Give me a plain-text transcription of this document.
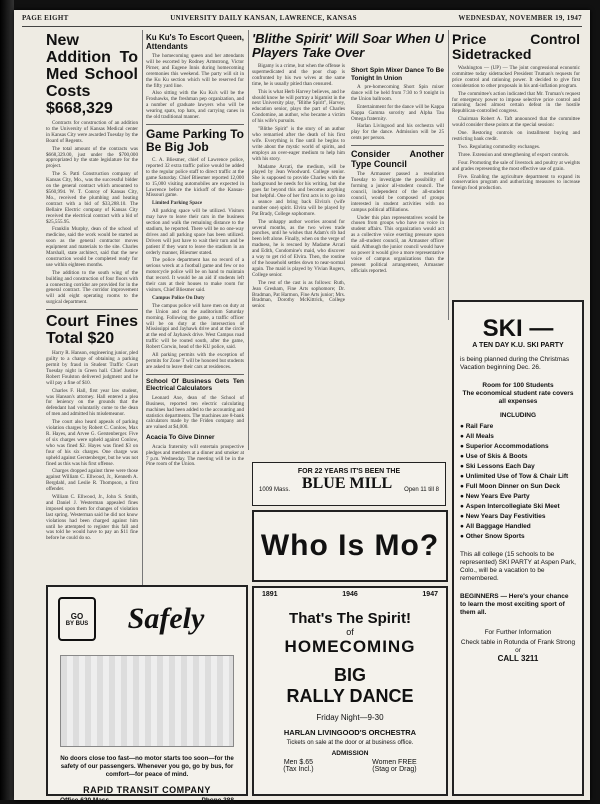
PAGE EIGHT	UNIVERSITY DAILY KANSAN, LAWRENCE, KANSAS	WEDNESDAY, NOVEMBER 19, 1947
New Addition To Med School Costs $668,329

Contracts for construction of an addition to the University of Kansas Medical center in Kansas City were awarded Tuesday by the Board of Regents.

The total amount of the contracts was $668,329.00, just under the $700,000 appropriated by the state legislature for the project.

The S. Patti Construction company of Kansas City, Mo., was the successful bidder on the general contract which amounted to $560,994. W. T. Conroy of Kansas City, Mo., received the plumbing and heating contract with a bid of $33,288.10. The Bellaire Electric company of Kansas City received the electrical contract with a bid of $25,555.95.

Franklin Murphy, dean of the school of medicine, said the work would be started as soon as the general contractor moves equipment and materials to the site. Charles Marshall, state architect, said that the new construction would be completed ready for use within eighteen months.

The addition to the south wing of the building and construction of four floors with a connecting corridor are provided for in the general contract. The corridor improvement will add eight operating rooms to the surgical department.

Court Fines Total $20

Harry R. Hanson, engineering junior, pled guilty to a charge of obtaining a parking permit by fraud in Student Traffic Court Tuesday night in Green hall. Chief Justice Robert Foulston delivered judgment and he will pay a fine of $10.

Charles F. Hall, first year law student, was Hanson's attorney. Hall entered a plea for leniency on the grounds that the defendant had voluntarily come to the dean of men and admitted his misdemeanor.

The court also heard appeals of parking violation charges by Robert C. Conlow, Max R. Hayes, and Arvee G. Gerstenberger. Five of six charges were upheld against Conlow, who was fined $2. Hayes was fined $3 on four of his six charges. One charge was upheld against Gerstenberger, but he was not fined as this was his first offense.

Charges dropped against three were those against William C. Ellwood, Jr., Kenneth A. Bergdahl, and Leslie R. Thompson, a first offender.

William C. Ellwood, Jr., John S. Smith, and Daniel J. Westerman appealed fines imposed upon them for changes of violation last spring. Westerman said he did not know violations had been charged against him until he attempted to register this fall and was told he would have to pay an $11 fine before he could do so.

Ku Ku's To Escort Queen, Attendants

The homecoming queen and her attendants will be escorted by Rodney Armstrong, Victor Pirner, and Eugene Innis during homecoming ceremonies this weekend. The party will sit in the Ku Ku section which will be reserved for the fifty yard line.

Also sitting with the Ku Ku's will be the Froshawks, the freshman pep organization, and a number of graduate lawyers who will be wearing spats, top hats, and carrying canes in the old traditional manner.

Game Parking To Be Big Job

C. A. Bliesmer, chief of Lawrence police, reported 32 extra traffic police would be added to the regular police staff to direct traffic at the game Saturday. Chief Bliesmer reported 12,000 to 15,000 visiting automobiles are expected in Lawrence before the kickoff of the Kansas-Missouri game.

Limited Parking Space

All parking space will be utilized. Visitors may have to leave their cars in the business section and walk the remaining distance to the stadium, he reported. There will be no one-way drives and all parking space has been utilized. Drivers will just have to wait their turn and be patient if they want to leave the stadium in an orderly manner, Bliesmer stated.

The police department has no record of a serious wreck at a football game and few or no motorcycle police will be on hand to maintain that record. It would be an aid if students left their cars at their houses to make room for visitors, Chief Bliesmer said.

Campus Police On Duty

The campus police will have men on duty at the Union and on the auditorium Saturday morning. Following the game, a traffic officer will be on duty at the intersection of Mississippi and Jayhawk drive and at the circle at the end of Jayhawk drive. West Campus road traffic will be routed south, after the game, Robert Corwin, head of the KU police, said.

All parking permits with the exception of permits for Zone T will be honored but students are asked to leave their cars at residences.

School Of Business Gets Ten Electrical Calculators

Leonard Axe, dean of the School of Business, reported ten electric calculating machines had been added to the accounting and statistics departments. The machines are 8-bank calculators made by the Friden company and are valued at $4,000.

Acacia To Give Dinner

Acacia fraternity will entertain prospective pledges and members at a dinner and smoker at 7 p.m. Wednesday. The meeting will be in the Pine room of the Union.

'Blithe Spirit' Will Soar When U Players Take Over

Bigamy is a crime, but when the offense is supermedicated and the poor chap is confronted by his two wives at the same time, he is usually pitied than censured.

This is what Herb Harvey believes, and he should know he will portray a bigamist in the next University play, "Blithe Spirit", Harvey, education senior, plays the part of Charles Condomine, an author, who became a victim of his wife's pursuits.

"Blithe Spirit" is the story of an author who remarried after the death of his first wife. Everything is fine until he begins to write about the mystic world of spirits, and employs an over-eager medium to help him with his story.

Madame Arcati, the medium, will be played by Jean Woodward. College senior. She is supposed to provide Charles with the background he needs for his writing, but she goes far beyond this and becomes anything but helpful. One of her first acts is to go into a seance and bring back Elvira's (wife number one) spirit. Elvira will be played by Pat Brady, College sophomore.

The unhappy author worries around for several months, as the two wives trade punches, until he wishes that Adam's rib had been left alone. Finally, when on the verge of madness, he is rescued by Madame Arcati and Edith, Condomine's maid, who discover a way to get rid of Elvira. Then, the routine of the household settles down to near-normal again. The maid is played by Vivian Rogers, College senior.

The rest of the cast is as follows: Ruth, Jean Gresham, Fine Arts sophomore; Dr. Bradman, Pat Harmon, Fine Arts junior; Mrs. Bradman, Dorothy McKittrick, College senior.

Short Spin Mixer Dance To Be Tonight In Union

A pre-homecoming Short Spin mixer dance will be held from 7:30 to 9 tonight in the Union ballroom.

Entertainment for the dance will be Kappa Kappa Gamma sorority and Alpha Tau Omega fraternity.

Harlan Livingood and his orchestra will play for the dance. Admission will be 25 cents per person.

Consider Another Type Council

The Armasner passed a resolution Tuesday to investigate the possibility of forming a junior all-student council. The council, independent of the all-student council, would be composed of groups interested in student activities with no campus political affiliations.

Under this plan representatives would be chosen from groups who have no voice in student affairs. This organization would act as a collective voice exerting pressure upon the all-student council, an Armasner officer said. Although the junior council would have no power it would give a more representative voice of campus organizations than the present political arrangement, Armasner officials reported.

Price Control Sidetracked

Washington — (UP) — The joint congressional economic committee today sidetracked President Truman's requests for price control and rationing power. It decided to give first consideration to other proposals in his anti-inflation program.

The committee's action indicated that Mr. Truman's request for emergency power to impose selective price control and rationing faced almost certain defeat in the hostile Republican-controlled congress.

Chairman Robert A. Taft announced that the committee would consider these points at the special session:

One. Restoring controls on installment buying and restricting bank credit.

Two. Regulating commodity exchanges.

Three. Extension and strengthening of export controls.

Four. Promoting the sale of livestock and poultry at weights and grades representing the most effective use of grain.

Five. Enabling the agriculture department to expand its conservation program and authorizing measures to increase foreign food production.

FOR 22 YEARS IT'S BEEN THE
1009 Mass. BLUE MILL Open 11 till 8
Who Is Mo?
1891	1946	1947
That's The Spirit!
of
HOMECOMING
BIG
RALLY DANCE
Friday Night—9-30
HARLAN LIVINGOOD'S ORCHESTRA
Tickets on sale at the door or at business office.
ADMISSION
Men $.65
(Tax Incl.)
Women FREE
(Stag or Drag)
GO
BY BUS	Safely
No doors close too fast—no motor starts too soon—for the safety of our passengers. Whenever you go, go by bus, for comfort—for peace of mind.
RAPID TRANSIT COMPANY
Office 620 Mass.	Phone 388
SKI —
A TEN DAY K.U. SKI PARTY
is being planned during the Christmas Vacation beginning Dec. 26.
Room for 100 Students
The economical student rate covers all expenses
INCLUDING
● Rail Fare
● All Meals
● Superior Accommodations
● Use of Skis & Boots
● Ski Lessons Each Day
● Unlimited Use of Tow & Chair Lift
● Full Moon Dinner on Sun Deck
● New Years Eve Party
● Aspen Intercollegiate Ski Meet
● New Years Day Festivities
● All Baggage Handled
● Other Snow Sports
This all college (15 schools to be represented) SKI PARTY at Aspen Park, Colo., will be a vacation to be remembered.
BEGINNERS — Here's your chance to learn the most exciting sport of them all.
For Further Information
Check table in Rotunda of Frank Strong
or
CALL 3211
